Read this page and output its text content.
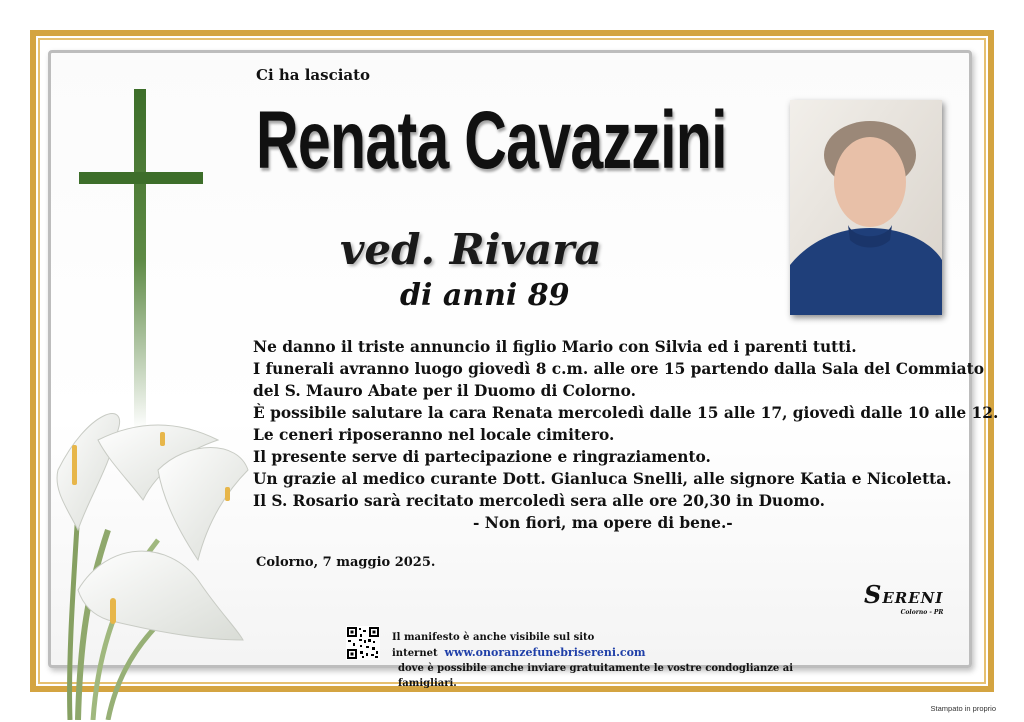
Ci ha lasciato
Renata Cavazzini
ved. Rivara
di anni 89
Ne danno il triste annuncio il figlio Mario con Silvia ed i parenti tutti.
I funerali avranno luogo giovedì 8 c.m. alle ore 15 partendo dalla Sala del Commiato
del S. Mauro Abate per il Duomo di Colorno.
È possibile salutare la cara Renata mercoledì dalle 15 alle 17, giovedì dalle 10 alle 12.
Le ceneri riposeranno nel locale cimitero.
Il presente serve di partecipazione e ringraziamento.
Un grazie al medico curante Dott. Gianluca Snelli, alle signore Katia e Nicoletta.
Il S. Rosario sarà recitato mercoledì sera alle ore 20,30 in Duomo.
- Non fiori, ma opere di bene.-
Colorno, 7 maggio 2025.
SERENI
Colorno - PR
Il manifesto è anche visibile sul sito internet www.onoranzefunebrisereni.com
dove è possibile anche inviare gratuitamente le vostre condoglianze ai famigliari.
Stampato in proprio
